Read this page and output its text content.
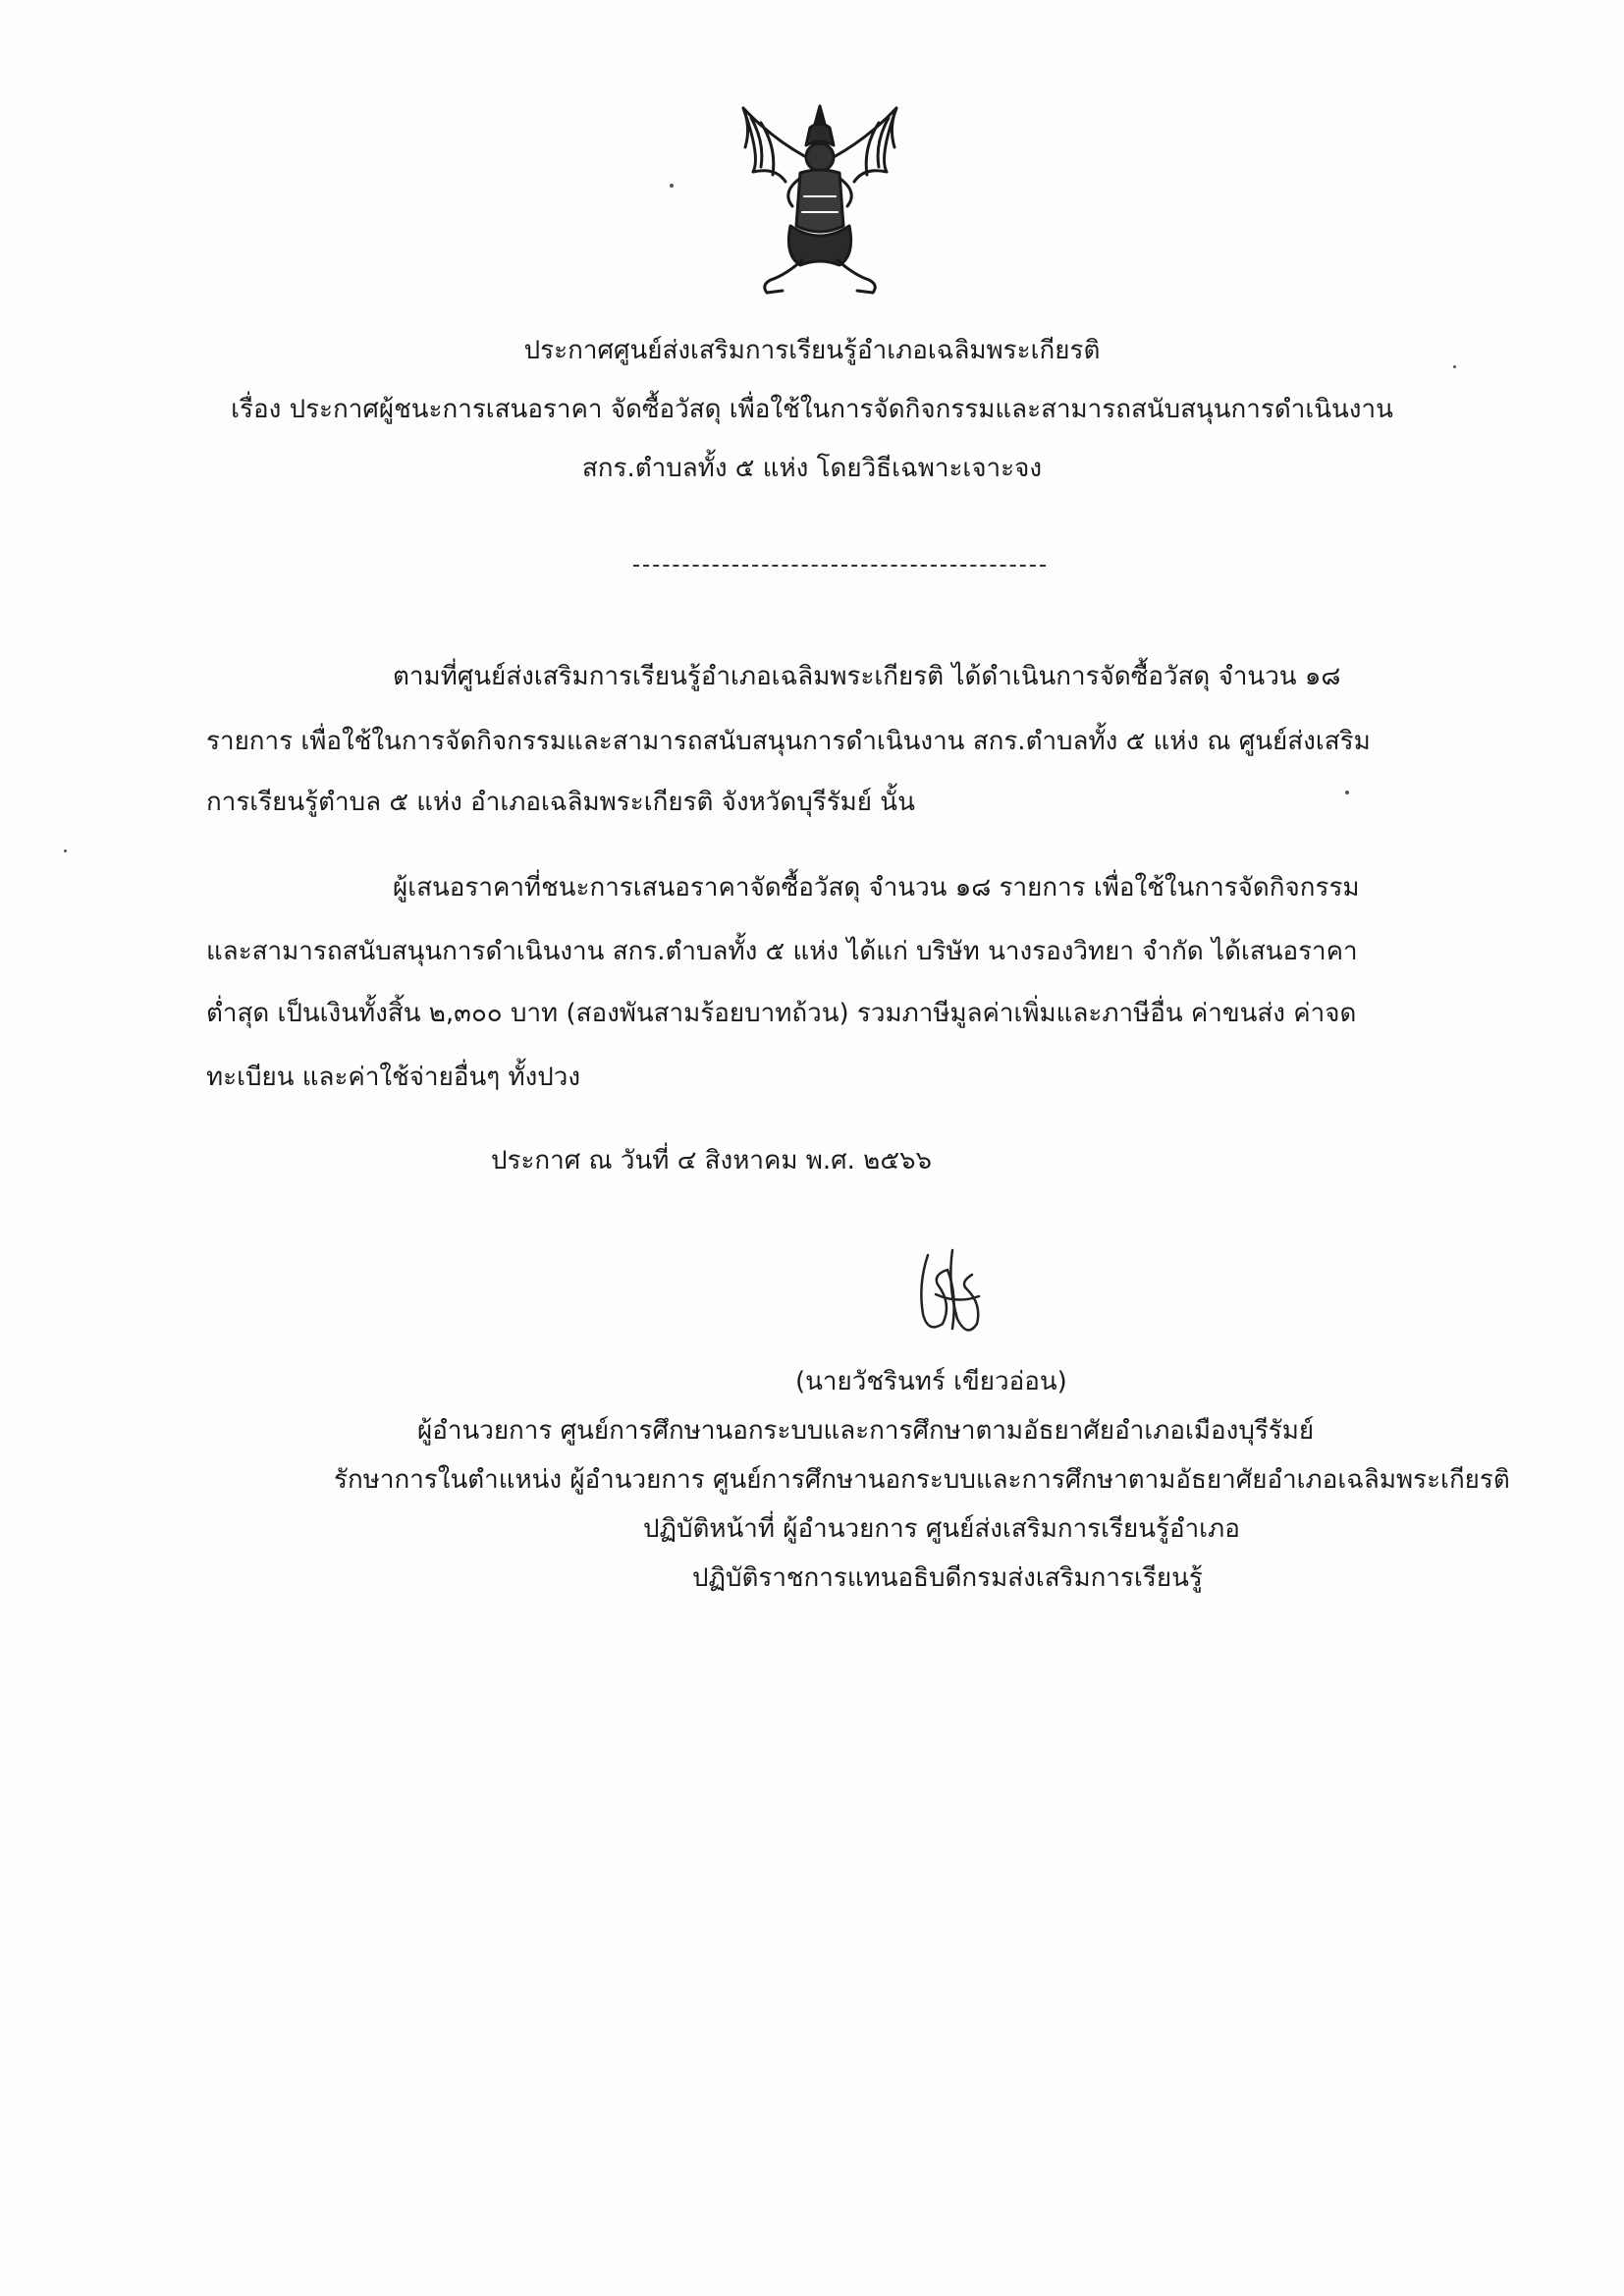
ประกาศศูนย์ส่งเสริมการเรียนรู้อำเภอเฉลิมพระเกียรติ
เรื่อง ประกาศผู้ชนะการเสนอราคา จัดซื้อวัสดุ เพื่อใช้ในการจัดกิจกรรมและสามารถสนับสนุนการดำเนินงาน
สกร.ตำบลทั้ง ๕ แห่ง โดยวิธีเฉพาะเจาะจง
ตามที่ศูนย์ส่งเสริมการเรียนรู้อำเภอเฉลิมพระเกียรติ ได้ดำเนินการจัดซื้อวัสดุ จำนวน ๑๘
รายการ เพื่อใช้ในการจัดกิจกรรมและสามารถสนับสนุนการดำเนินงาน สกร.ตำบลทั้ง ๕ แห่ง ณ ศูนย์ส่งเสริม
การเรียนรู้ตำบล ๕ แห่ง อำเภอเฉลิมพระเกียรติ จังหวัดบุรีรัมย์ นั้น
ผู้เสนอราคาที่ชนะการเสนอราคาจัดซื้อวัสดุ จำนวน ๑๘ รายการ เพื่อใช้ในการจัดกิจกรรม
และสามารถสนับสนุนการดำเนินงาน สกร.ตำบลทั้ง ๕ แห่ง ได้แก่ บริษัท นางรองวิทยา จำกัด ได้เสนอราคา
ต่ำสุด เป็นเงินทั้งสิ้น ๒,๓๐๐ บาท (สองพันสามร้อยบาทถ้วน) รวมภาษีมูลค่าเพิ่มและภาษีอื่น ค่าขนส่ง ค่าจด
ทะเบียน และค่าใช้จ่ายอื่นๆ ทั้งปวง
ประกาศ ณ วันที่ ๔ สิงหาคม พ.ศ. ๒๕๖๖
(นายวัชรินทร์ เขียวอ่อน)
ผู้อำนวยการ ศูนย์การศึกษานอกระบบและการศึกษาตามอัธยาศัยอำเภอเมืองบุรีรัมย์
รักษาการในตำแหน่ง ผู้อำนวยการ ศูนย์การศึกษานอกระบบและการศึกษาตามอัธยาศัยอำเภอเฉลิมพระเกียรติ
ปฏิบัติหน้าที่ ผู้อำนวยการ ศูนย์ส่งเสริมการเรียนรู้อำเภอ
ปฏิบัติราชการแทนอธิบดีกรมส่งเสริมการเรียนรู้
